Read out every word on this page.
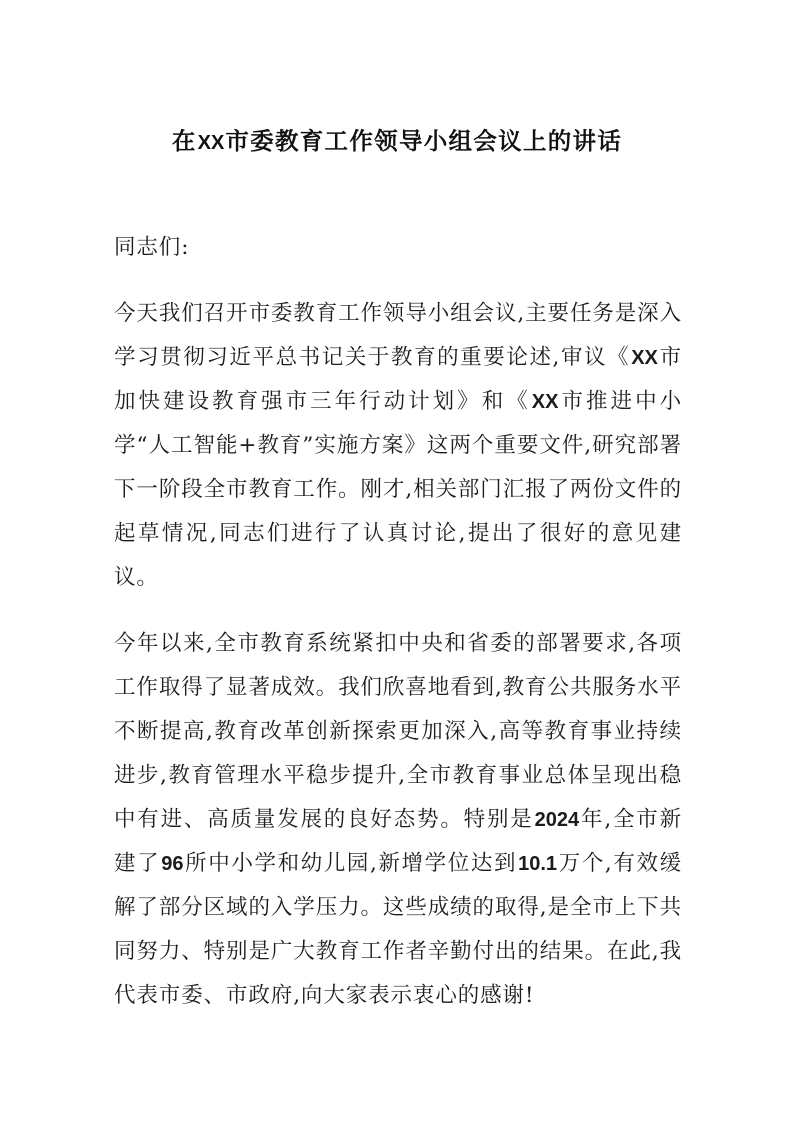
在XX市委教育工作领导小组会议上的讲话

同志们:

今天我们召开市委教育工作领导小组会议,主要任务是深入学习贯彻习近平总书记关于教育的重要论述,审议《XX市加快建设教育强市三年行动计划》和《XX市推进中小学“人工智能+教育”实施方案》这两个重要文件,研究部署下一阶段全市教育工作。刚才,相关部门汇报了两份文件的起草情况,同志们进行了认真讨论,提出了很好的意见建议。

今年以来,全市教育系统紧扣中央和省委的部署要求,各项工作取得了显著成效。我们欣喜地看到,教育公共服务水平不断提高,教育改革创新探索更加深入,高等教育事业持续进步,教育管理水平稳步提升,全市教育事业总体呈现出稳中有进、高质量发展的良好态势。特别是2024年,全市新建了96所中小学和幼儿园,新增学位达到10.1万个,有效缓解了部分区域的入学压力。这些成绩的取得,是全市上下共同努力、特别是广大教育工作者辛勤付出的结果。在此,我代表市委、市政府,向大家表示衷心的感谢!
